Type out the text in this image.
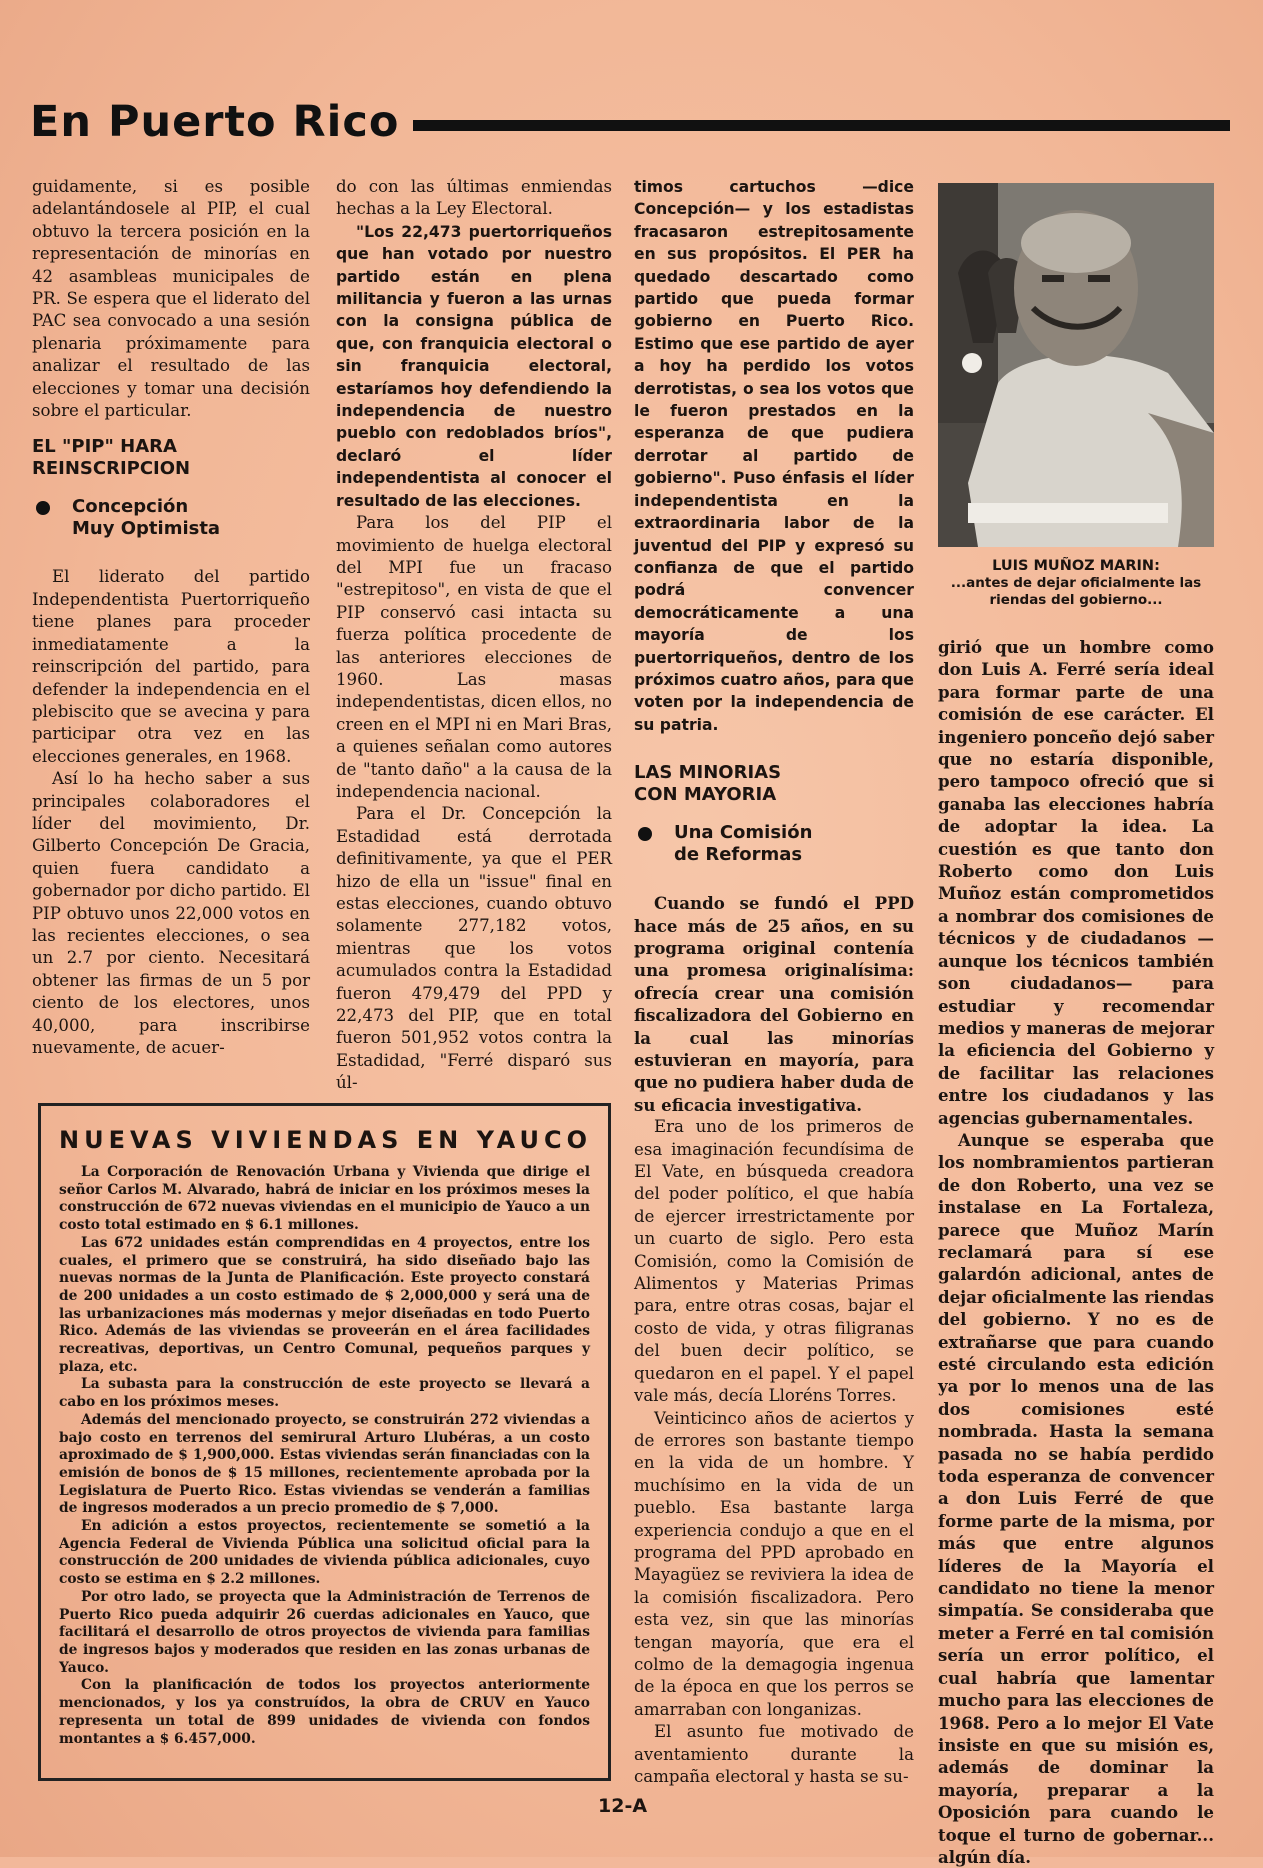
En Puerto Rico

guidamente, si es posible adelantándosele al PIP, el cual obtuvo la tercera posición en la representación de minorías en 42 asambleas municipales de PR. Se espera que el liderato del PAC sea convocado a una sesión plenaria próximamente para analizar el resultado de las elecciones y tomar una decisión sobre el particular.

EL "PIP" HARA
REINSCRIPCION
Concepción
Muy Optimista

El liderato del partido Independentista Puertorriqueño tiene planes para proceder inmediatamente a la reinscripción del partido, para defender la independencia en el plebiscito que se avecina y para participar otra vez en las elecciones generales, en 1968.

Así lo ha hecho saber a sus principales colaboradores el líder del movimiento, Dr. Gilberto Concepción De Gracia, quien fuera candidato a gobernador por dicho partido. El PIP obtuvo unos 22,000 votos en las recientes elecciones, o sea un 2.7 por ciento. Necesitará obtener las firmas de un 5 por ciento de los electores, unos 40,000, para inscribirse nuevamente, de acuer-

do con las últimas enmiendas hechas a la Ley Electoral.

"Los 22,473 puertorriqueños que han votado por nuestro partido están en plena militancia y fueron a las urnas con la consigna pública de que, con franquicia electoral o sin franquicia electoral, estaríamos hoy defendiendo la independencia de nuestro pueblo con redoblados bríos", declaró el líder independentista al conocer el resultado de las elecciones.

Para los del PIP el movimiento de huelga electoral del MPI fue un fracaso "estrepitoso", en vista de que el PIP conservó casi intacta su fuerza política procedente de las anteriores elecciones de 1960. Las masas independentistas, dicen ellos, no creen en el MPI ni en Mari Bras, a quienes señalan como autores de "tanto daño" a la causa de la independencia nacional.

Para el Dr. Concepción la Estadidad está derrotada definitivamente, ya que el PER hizo de ella un "issue" final en estas elecciones, cuando obtuvo solamente 277,182 votos, mientras que los votos acumulados contra la Estadidad fueron 479,479 del PPD y 22,473 del PIP, que en total fueron 501,952 votos contra la Estadidad, "Ferré disparó sus úl-

timos cartuchos —dice Concepción— y los estadistas fracasaron estrepitosamente en sus propósitos. El PER ha quedado descartado como partido que pueda formar gobierno en Puerto Rico. Estimo que ese partido de ayer a hoy ha perdido los votos derrotistas, o sea los votos que le fueron prestados en la esperanza de que pudiera derrotar al partido de gobierno". Puso énfasis el líder independentista en la extraordinaria labor de la juventud del PIP y expresó su confianza de que el partido podrá convencer democráticamente a una mayoría de los puertorriqueños, dentro de los próximos cuatro años, para que voten por la independencia de su patria.

LAS MINORIAS
CON MAYORIA
Una Comisión
de Reformas

Cuando se fundó el PPD hace más de 25 años, en su programa original contenía una promesa originalísima: ofrecía crear una comisión fiscalizadora del Gobierno en la cual las minorías estuvieran en mayoría, para que no pudiera haber duda de su eficacia investigativa.

Era uno de los primeros de esa imaginación fecundísima de El Vate, en búsqueda creadora del poder político, el que había de ejercer irrestrictamente por un cuarto de siglo. Pero esta Comisión, como la Comisión de Alimentos y Materias Primas para, entre otras cosas, bajar el costo de vida, y otras filigranas del buen decir político, se quedaron en el papel. Y el papel vale más, decía Lloréns Torres.

Veinticinco años de aciertos y de errores son bastante tiempo en la vida de un hombre. Y muchísimo en la vida de un pueblo. Esa bastante larga experiencia condujo a que en el programa del PPD aprobado en Mayagüez se reviviera la idea de la comisión fiscalizadora. Pero esta vez, sin que las minorías tengan mayoría, que era el colmo de la demagogia ingenua de la época en que los perros se amarraban con longanizas.

El asunto fue motivado de aventamiento durante la campaña electoral y hasta se su-

LUIS MUÑOZ MARIN:
...antes de dejar oficialmente las riendas del gobierno...

girió que un hombre como don Luis A. Ferré sería ideal para formar parte de una comisión de ese carácter. El ingeniero ponceño dejó saber que no estaría disponible, pero tampoco ofreció que si ganaba las elecciones habría de adoptar la idea. La cuestión es que tanto don Roberto como don Luis Muñoz están comprometidos a nombrar dos comisiones de técnicos y de ciudadanos —aunque los técnicos también son ciudadanos— para estudiar y recomendar medios y maneras de mejorar la eficiencia del Gobierno y de facilitar las relaciones entre los ciudadanos y las agencias gubernamentales.

Aunque se esperaba que los nombramientos partieran de don Roberto, una vez se instalase en La Fortaleza, parece que Muñoz Marín reclamará para sí ese galardón adicional, antes de dejar oficialmente las riendas del gobierno. Y no es de extrañarse que para cuando esté circulando esta edición ya por lo menos una de las dos comisiones esté nombrada. Hasta la semana pasada no se había perdido toda esperanza de convencer a don Luis Ferré de que forme parte de la misma, por más que entre algunos líderes de la Mayoría el candidato no tiene la menor simpatía. Se consideraba que meter a Ferré en tal comisión sería un error político, el cual habría que lamentar mucho para las elecciones de 1968. Pero a lo mejor El Vate insiste en que su misión es, además de dominar la mayoría, preparar a la Oposición para cuando le toque el turno de gobernar... algún día.

NUEVAS VIVIENDAS EN YAUCO

La Corporación de Renovación Urbana y Vivienda que dirige el señor Carlos M. Alvarado, habrá de iniciar en los próximos meses la construcción de 672 nuevas viviendas en el municipio de Yauco a un costo total estimado en $ 6.1 millones.

Las 672 unidades están comprendidas en 4 proyectos, entre los cuales, el primero que se construirá, ha sido diseñado bajo las nuevas normas de la Junta de Planificación. Este proyecto constará de 200 unidades a un costo estimado de $ 2,000,000 y será una de las urbanizaciones más modernas y mejor diseñadas en todo Puerto Rico. Además de las viviendas se proveerán en el área facilidades recreativas, deportivas, un Centro Comunal, pequeños parques y plaza, etc.

La subasta para la construcción de este proyecto se llevará a cabo en los próximos meses.

Además del mencionado proyecto, se construirán 272 viviendas a bajo costo en terrenos del semirural Arturo Llubéras, a un costo aproximado de $ 1,900,000. Estas viviendas serán financiadas con la emisión de bonos de $ 15 millones, recientemente aprobada por la Legislatura de Puerto Rico. Estas viviendas se venderán a familias de ingresos moderados a un precio promedio de $ 7,000.

En adición a estos proyectos, recientemente se sometió a la Agencia Federal de Vivienda Pública una solicitud oficial para la construcción de 200 unidades de vivienda pública adicionales, cuyo costo se estima en $ 2.2 millones.

Por otro lado, se proyecta que la Administración de Terrenos de Puerto Rico pueda adquirir 26 cuerdas adicionales en Yauco, que facilitará el desarrollo de otros proyectos de vivienda para familias de ingresos bajos y moderados que residen en las zonas urbanas de Yauco.

Con la planificación de todos los proyectos anteriormente mencionados, y los ya construídos, la obra de CRUV en Yauco representa un total de 899 unidades de vivienda con fondos montantes a $ 6.457,000.

12-A
